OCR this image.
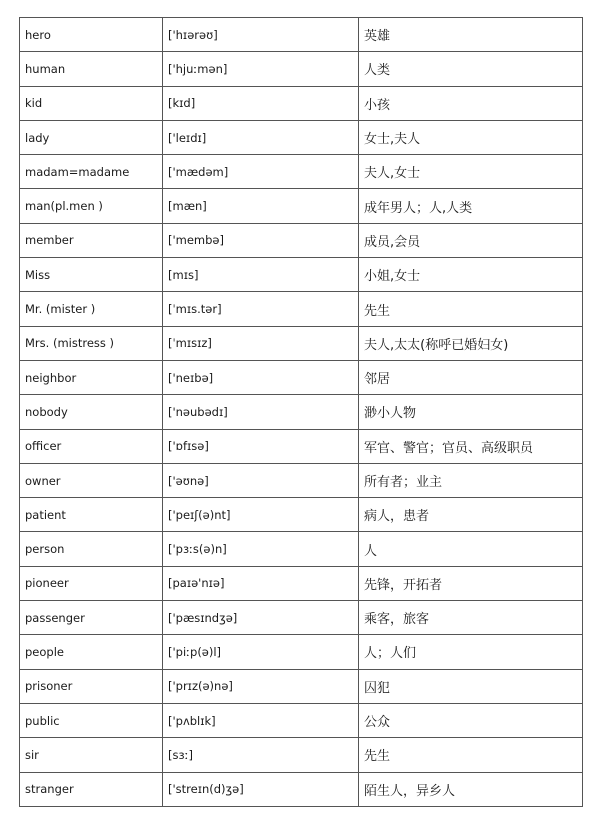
hero	['hɪərəʊ]	英雄
human	['hjuːmən]	人类
kid	[kɪd]	小孩
lady	['leɪdɪ]	女士,夫人
madam=madame	['mædəm]	夫人,女士
man(pl.men )	[mæn]	成年男人；人,人类
member	['membə]	成员,会员
Miss	[mɪs]	小姐,女士
Mr. (mister )	[ˈmɪs.tər]	先生
Mrs. (mistress )	[ˈmɪsɪz]	夫人,太太(称呼已婚妇女)
neighbor	['neɪbə]	邻居
nobody	['nəubədɪ]	渺小人物
officer	['ɒfɪsə]	军官、警官；官员、高级职员
owner	['əʊnə]	所有者；业主
patient	['peɪʃ(ə)nt]	病人，患者
person	['pɜːs(ə)n]	人
pioneer	[paɪə'nɪə]	先锋，开拓者
passenger	['pæsɪndʒə]	乘客，旅客
people	['piːp(ə)l]	人；人们
prisoner	['prɪz(ə)nə]	囚犯
public	['pʌblɪk]	公众
sir	[sɜː]	先生
stranger	['streɪn(d)ʒə]	陌生人，异乡人
